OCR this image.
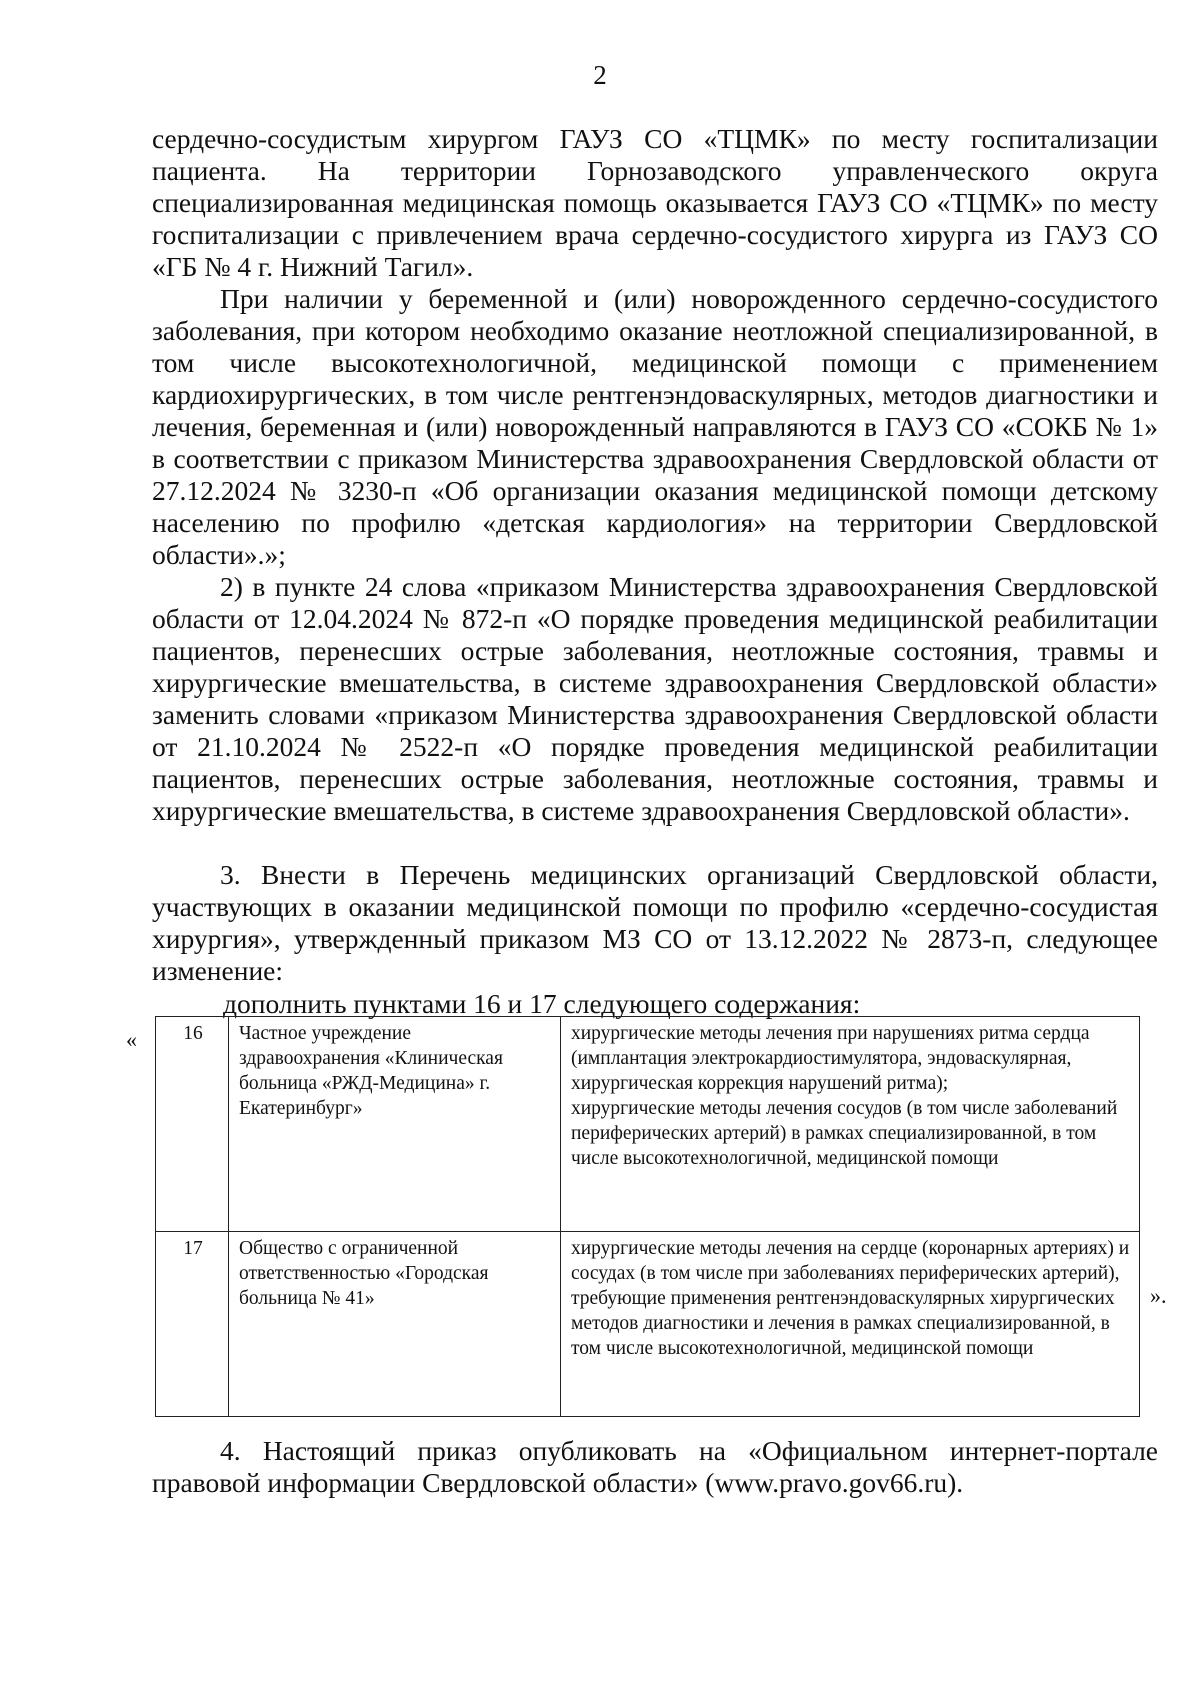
2
сердечно-сосудистым хирургом ГАУЗ СО «ТЦМК» по месту госпитализации пациента. На территории Горнозаводского управленческого округа специализированная медицинская помощь оказывается ГАУЗ СО «ТЦМК» по месту госпитализации с привлечением врача сердечно-сосудистого хирурга из ГАУЗ СО «ГБ № 4 г. Нижний Тагил».
При наличии у беременной и (или) новорожденного сердечно-сосудистого заболевания, при котором необходимо оказание неотложной специализированной, в том числе высокотехнологичной, медицинской помощи с применением кардиохирургических, в том числе рентгенэндоваскулярных, методов диагностики и лечения, беременная и (или) новорожденный направляются в ГАУЗ СО «СОКБ № 1» в соответствии с приказом Министерства здравоохранения Свердловской области от 27.12.2024 № 3230-п «Об организации оказания медицинской помощи детскому населению по профилю «детская кардиология» на территории Свердловской области».»;
2) в пункте 24 слова «приказом Министерства здравоохранения Свердловской области от 12.04.2024 № 872-п «О порядке проведения медицинской реабилитации пациентов, перенесших острые заболевания, неотложные состояния, травмы и хирургические вмешательства, в системе здравоохранения Свердловской области» заменить словами «приказом Министерства здравоохранения Свердловской области от 21.10.2024 № 2522-п «О порядке проведения медицинской реабилитации пациентов, перенесших острые заболевания, неотложные состояния, травмы и хирургические вмешательства, в системе здравоохранения Свердловской области».
3. Внести в Перечень медицинских организаций Свердловской области, участвующих в оказании медицинской помощи по профилю «сердечно-сосудистая хирургия», утвержденный приказом МЗ СО от 13.12.2022 № 2873-п, следующее изменение:
дополнить пунктами 16 и 17 следующего содержания:
« 16	Частное учреждение здравоохранения «Клиническая больница «РЖД-Медицина» г. Екатеринбург»	хирургические методы лечения при нарушениях ритма сердца (имплантация электрокардиостимулятора, эндоваскулярная, хирургическая коррекция нарушений ритма);
хирургические методы лечения сосудов (в том числе заболеваний периферических артерий) в рамках специализированной, в том числе высокотехнологичной, медицинской помощи

17	Общество с ограниченной ответственностью «Городская больница № 41»	хирургические методы лечения на сердце (коронарных артериях) и сосудах (в том числе при заболеваниях периферических артерий), требующие применения рентгенэндоваскулярных хирургических методов диагностики и лечения в рамках специализированной, в том числе высокотехнологичной, медицинской помощи
».
4. Настоящий приказ опубликовать на «Официальном интернет-портале правовой информации Свердловской области» (www.pravo.gov66.ru).
